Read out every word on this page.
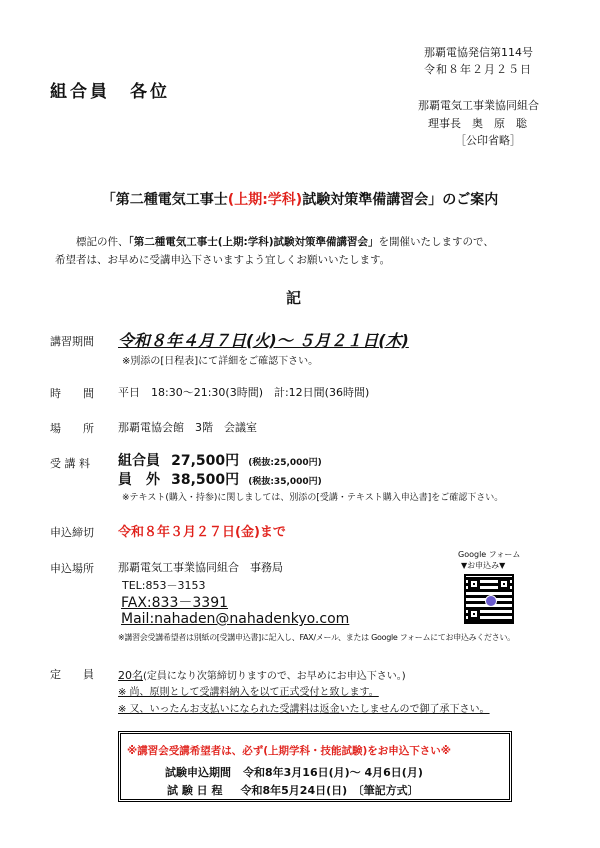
那覇電協発信第114号
令和８年２月２５日
組合員　各位
那覇電気工事業協同組合
理事長　奥　原　聡
［公印省略］
「第二種電気工事士(上期:学科)試験対策準備講習会」のご案内
標記の件、「第二種電気工事士(上期:学科)試験対策準備講習会」を開催いたしますので、
希望者は、お早めに受講申込下さいますよう宜しくお願いいたします。
記
講習期間 令和８年４月７日(火)～ ５月２１日(木)
※別添の[日程表]にて詳細をご確認下さい。
時　　間 平日　18:30～21:30(3時間)　計:12日間(36時間)
場　　所 那覇電協会館　3階　会議室
受 講 料 組合員 27,500円 (税抜:25,000円)
員　外 38,500円 (税抜:35,000円)
※テキスト(購入・持参)に関しましては、別添の[受講・テキスト購入申込書]をご確認下さい。
申込締切 令和８年３月２７日(金)まで
申込場所 那覇電気工事業協同組合　事務局
TEL:853－3153
FAX:833－3391
Mail:nahaden@nahadenkyo.com
※講習会受講希望者は別紙の[受講申込書]に記入し、FAX/メール、または Google フォームにてお申込みください。
Google フォーム
▼お申込み▼
定　　員 20名(定員になり次第締切りますので、お早めにお申込下さい。)
※ 尚、原則として受講料納入を以て正式受付と致します。
※ 又、いったんお支払いになられた受講料は返金いたしませんので御了承下さい。
※講習会受講希望者は、必ず(上期学科・技能試験)をお申込下さい※
試験申込期間 令和8年3月16日(月)～ 4月6日(月)
試 験 日 程 令和8年5月24日(日)　〔筆記方式〕
